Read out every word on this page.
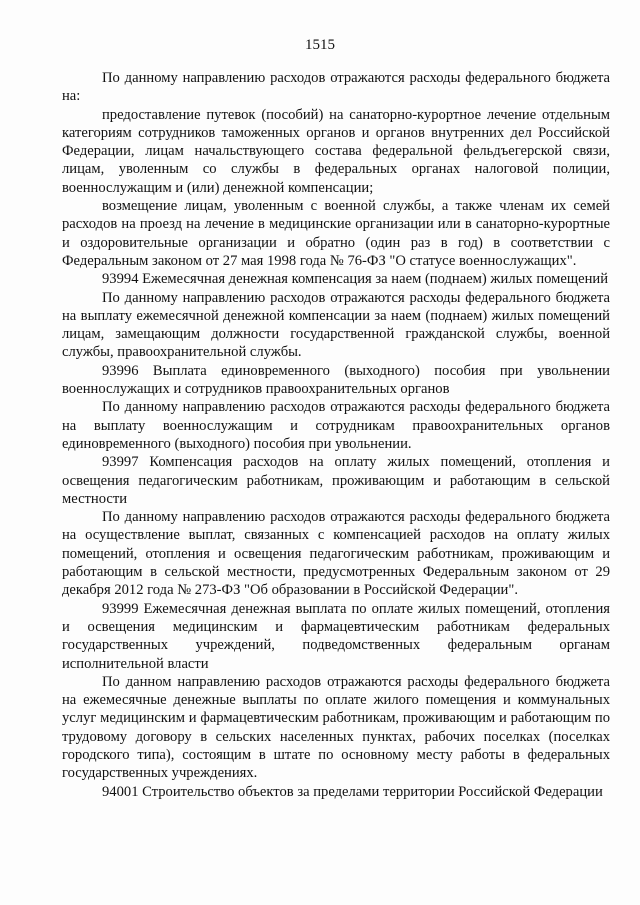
1515

По данному направлению расходов отражаются расходы федерального бюджета на:

предоставление путевок (пособий) на санаторно-курортное лечение отдельным категориям сотрудников таможенных органов и органов внутренних дел Российской Федерации, лицам начальствующего состава федеральной фельдъегерской связи, лицам, уволенным со службы в федеральных органах налоговой полиции, военнослужащим и (или) денежной компенсации;

возмещение лицам, уволенным с военной службы, а также членам их семей расходов на проезд на лечение в медицинские организации или в санаторно-курортные и оздоровительные организации и обратно (один раз в год) в соответствии с Федеральным законом от 27 мая 1998 года № 76-ФЗ "О статусе военнослужащих".

93994 Ежемесячная денежная компенсация за наем (поднаем) жилых помещений

По данному направлению расходов отражаются расходы федерального бюджета на выплату ежемесячной денежной компенсации за наем (поднаем) жилых помещений лицам, замещающим должности государственной гражданской службы, военной службы, правоохранительной службы.

93996 Выплата единовременного (выходного) пособия при увольнении военнослужащих и сотрудников правоохранительных органов

По данному направлению расходов отражаются расходы федерального бюджета на выплату военнослужащим и сотрудникам правоохранительных органов единовременного (выходного) пособия при увольнении.

93997 Компенсация расходов на оплату жилых помещений, отопления и освещения педагогическим работникам, проживающим и работающим в сельской местности

По данному направлению расходов отражаются расходы федерального бюджета на осуществление выплат, связанных с компенсацией расходов на оплату жилых помещений, отопления и освещения педагогическим работникам, проживающим и работающим в сельской местности, предусмотренных Федеральным законом от 29 декабря 2012 года № 273-ФЗ "Об образовании в Российской Федерации".

93999 Ежемесячная денежная выплата по оплате жилых помещений, отопления и освещения медицинским и фармацевтическим работникам федеральных государственных учреждений, подведомственных федеральным органам исполнительной власти

По данном направлению расходов отражаются расходы федерального бюджета на ежемесячные денежные выплаты по оплате жилого помещения и коммунальных услуг медицинским и фармацевтическим работникам, проживающим и работающим по трудовому договору в сельских населенных пунктах, рабочих поселках (поселках городского типа), состоящим в штате по основному месту работы в федеральных государственных учреждениях.

94001 Строительство объектов за пределами территории Российской Федерации
